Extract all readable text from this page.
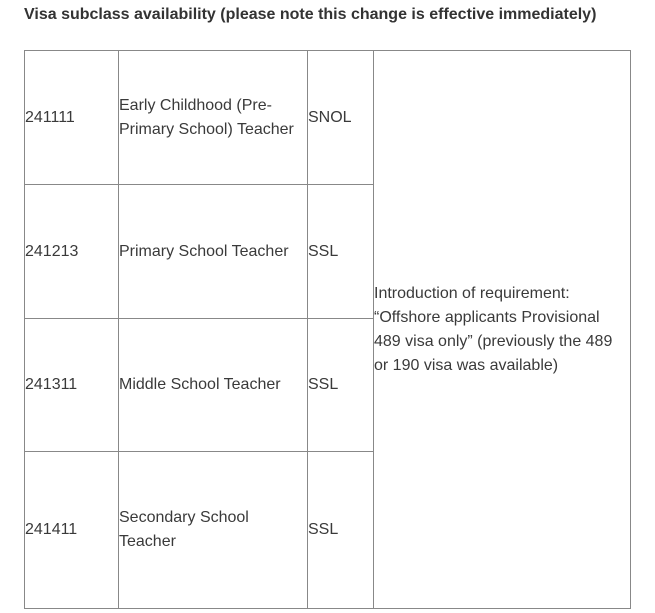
Visa subclass availability (please note this change is effective immediately)
241111	Early Childhood (Pre-Primary School) Teacher	SNOL	Introduction of requirement: “Offshore applicants Provisional 489 visa only” (previously the 489 or 190 visa was available)
241213	Primary School Teacher	SSL	
241311	Middle School Teacher	SSL	
241411	Secondary School Teacher	SSL	
